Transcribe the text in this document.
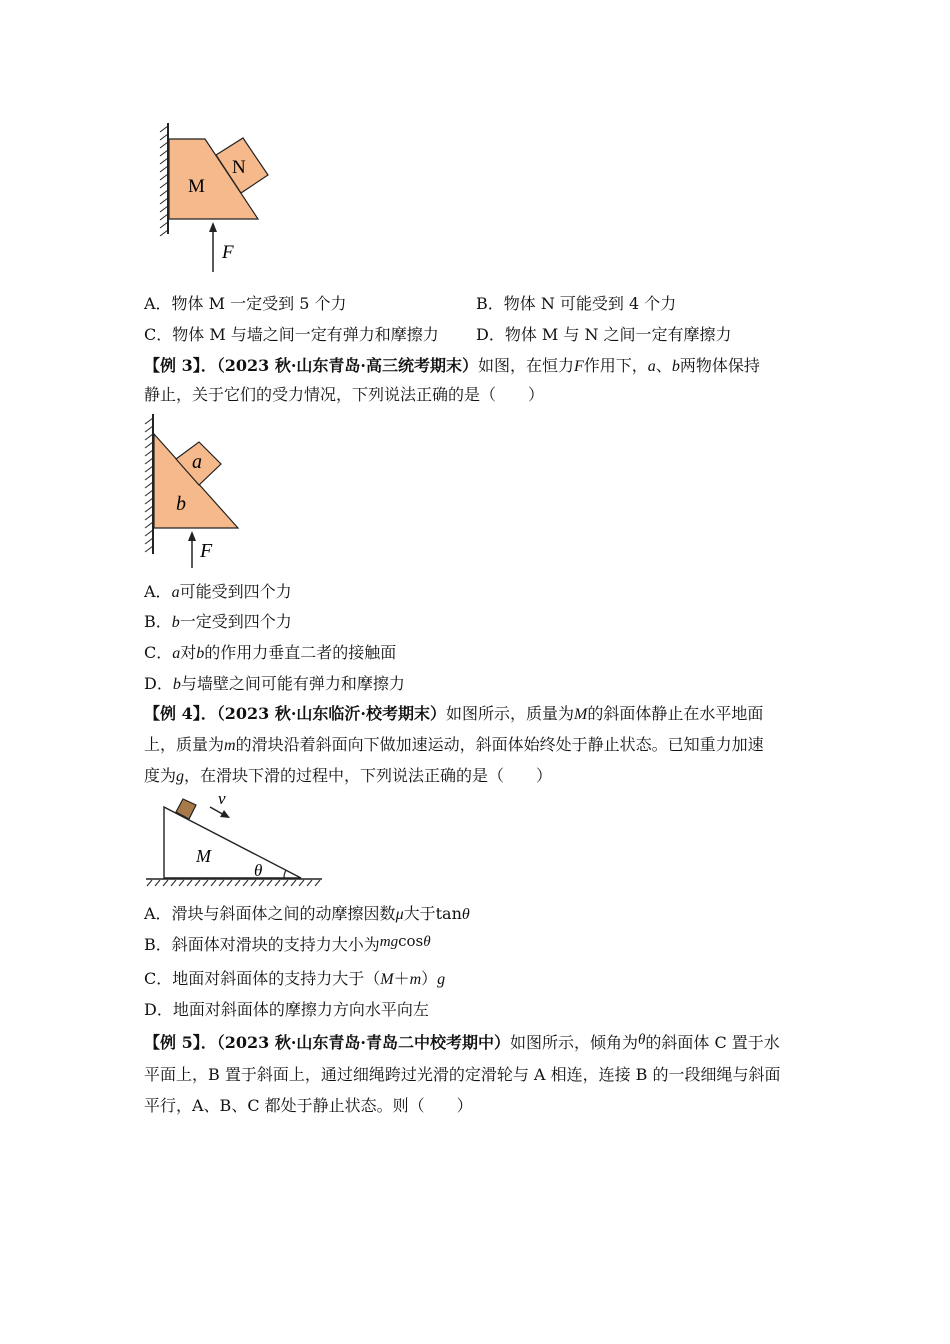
M
N
F
A．物体 M 一定受到 5 个力	B．物体 N 可能受到 4 个力
C．物体 M 与墙之间一定有弹力和摩擦力 D．物体 M 与 N 之间一定有摩擦力
【例 3】．（2023 秋·山东青岛·高三统考期末）如图，在恒力F作用下，a、b两物体保持
静止，关于它们的受力情况，下列说法正确的是（　　）
a
b
F
A．a可能受到四个力
B．b一定受到四个力
C．a对b的作用力垂直二者的接触面
D．b与墙壁之间可能有弹力和摩擦力
【例 4】．（2023 秋·山东临沂·校考期末）如图所示，质量为M的斜面体静止在水平地面
上，质量为m的滑块沿着斜面向下做加速运动，斜面体始终处于静止状态。已知重力加速
度为g，在滑块下滑的过程中，下列说法正确的是（　　）
v
M
θ
A．滑块与斜面体之间的动摩擦因数μ大于tanθ
B．斜面体对滑块的支持力大小为mgcosθ
C．地面对斜面体的支持力大于（M＋m）g
D．地面对斜面体的摩擦力方向水平向左
【例 5】．（2023 秋·山东青岛·青岛二中校考期中）如图所示，倾角为θ的斜面体 C 置于水
平面上，B 置于斜面上，通过细绳跨过光滑的定滑轮与 A 相连，连接 B 的一段细绳与斜面
平行，A、B、C 都处于静止状态。则（　　）
